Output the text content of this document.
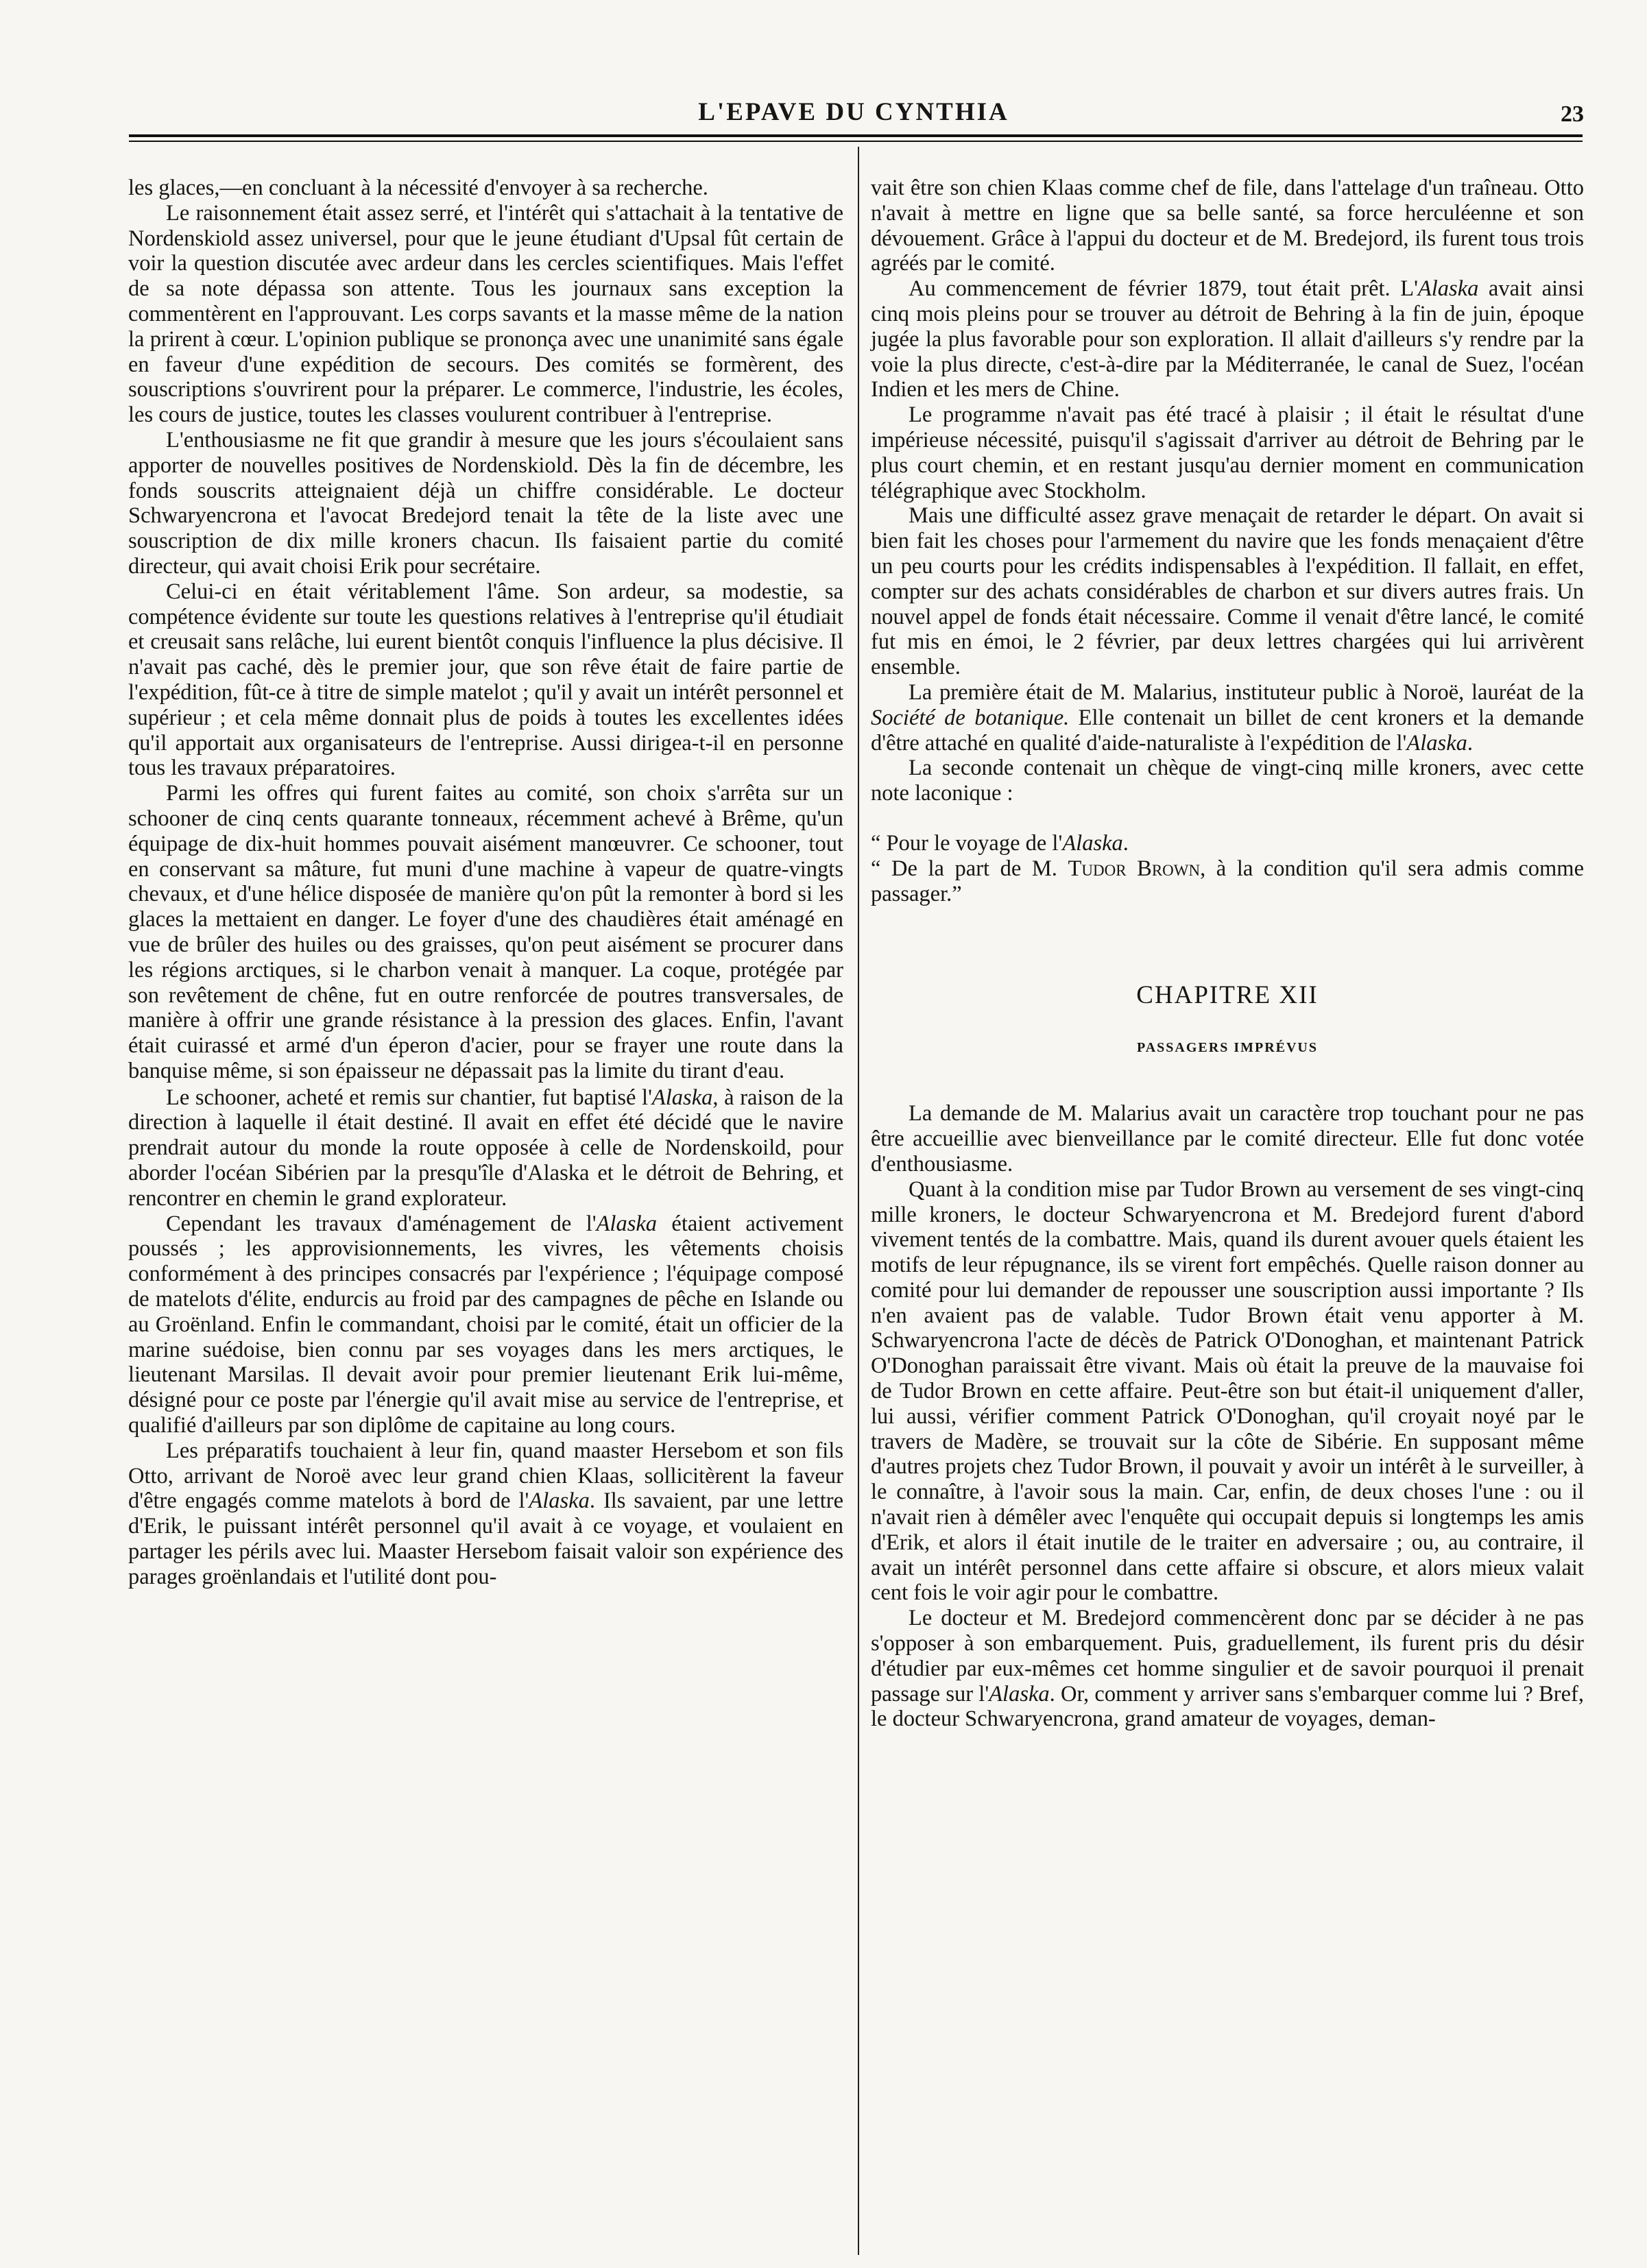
L'EPAVE DU CYNTHIA	23

les glaces,—en concluant à la nécessité d'envoyer à sa recherche.

Le raisonnement était assez serré, et l'intérêt qui s'attachait à la tentative de Nordenskiold assez universel, pour que le jeune étudiant d'Upsal fût certain de voir la question discutée avec ardeur dans les cercles scientifiques. Mais l'effet de sa note dépassa son attente. Tous les journaux sans exception la commentèrent en l'approuvant. Les corps savants et la masse même de la nation la prirent à cœur. L'opinion publique se prononça avec une unanimité sans égale en faveur d'une expédition de secours. Des comités se formèrent, des souscriptions s'ouvrirent pour la préparer. Le commerce, l'industrie, les écoles, les cours de justice, toutes les classes voulurent contribuer à l'entreprise.

L'enthousiasme ne fit que grandir à mesure que les jours s'écoulaient sans apporter de nouvelles positives de Nordenskiold. Dès la fin de décembre, les fonds souscrits atteignaient déjà un chiffre considérable. Le docteur Schwaryencrona et l'avocat Bredejord tenait la tête de la liste avec une souscription de dix mille kroners chacun. Ils faisaient partie du comité directeur, qui avait choisi Erik pour secrétaire.

Celui-ci en était véritablement l'âme. Son ardeur, sa modestie, sa compétence évidente sur toute les questions relatives à l'entreprise qu'il étudiait et creusait sans relâche, lui eurent bientôt conquis l'influence la plus décisive. Il n'avait pas caché, dès le premier jour, que son rêve était de faire partie de l'expédition, fût-ce à titre de simple matelot ; qu'il y avait un intérêt personnel et supérieur ; et cela même donnait plus de poids à toutes les excellentes idées qu'il apportait aux organisateurs de l'entreprise. Aussi dirigea-t-il en personne tous les travaux préparatoires.

Parmi les offres qui furent faites au comité, son choix s'arrêta sur un schooner de cinq cents quarante tonneaux, récemment achevé à Brême, qu'un équipage de dix-huit hommes pouvait aisément manœuvrer. Ce schooner, tout en conservant sa mâture, fut muni d'une machine à vapeur de quatre-vingts chevaux, et d'une hélice disposée de manière qu'on pût la remonter à bord si les glaces la mettaient en danger. Le foyer d'une des chaudières était aménagé en vue de brûler des huiles ou des graisses, qu'on peut aisément se procurer dans les régions arctiques, si le charbon venait à manquer. La coque, protégée par son revêtement de chêne, fut en outre renforcée de poutres transversales, de manière à offrir une grande résistance à la pression des glaces. Enfin, l'avant était cuirassé et armé d'un éperon d'acier, pour se frayer une route dans la banquise même, si son épaisseur ne dépassait pas la limite du tirant d'eau.

Le schooner, acheté et remis sur chantier, fut baptisé l'Alaska, à raison de la direction à laquelle il était destiné. Il avait en effet été décidé que le navire prendrait autour du monde la route opposée à celle de Nordenskoild, pour aborder l'océan Sibérien par la presqu'île d'Alaska et le détroit de Behring, et rencontrer en chemin le grand explorateur.

Cependant les travaux d'aménagement de l'Alaska étaient activement poussés ; les approvisionnements, les vivres, les vêtements choisis conformément à des principes consacrés par l'expérience ; l'équipage composé de matelots d'élite, endurcis au froid par des campagnes de pêche en Islande ou au Groënland. Enfin le commandant, choisi par le comité, était un officier de la marine suédoise, bien connu par ses voyages dans les mers arctiques, le lieutenant Marsilas. Il devait avoir pour premier lieutenant Erik lui-même, désigné pour ce poste par l'énergie qu'il avait mise au service de l'entreprise, et qualifié d'ailleurs par son diplôme de capitaine au long cours.

Les préparatifs touchaient à leur fin, quand maaster Hersebom et son fils Otto, arrivant de Noroë avec leur grand chien Klaas, sollicitèrent la faveur d'être engagés comme matelots à bord de l'Alaska. Ils savaient, par une lettre d'Erik, le puissant intérêt personnel qu'il avait à ce voyage, et voulaient en partager les périls avec lui. Maaster Hersebom faisait valoir son expérience des parages groënlandais et l'utilité dont pou-

vait être son chien Klaas comme chef de file, dans l'attelage d'un traîneau. Otto n'avait à mettre en ligne que sa belle santé, sa force herculéenne et son dévouement. Grâce à l'appui du docteur et de M. Bredejord, ils furent tous trois agréés par le comité.

Au commencement de février 1879, tout était prêt. L'Alaska avait ainsi cinq mois pleins pour se trouver au détroit de Behring à la fin de juin, époque jugée la plus favorable pour son exploration. Il allait d'ailleurs s'y rendre par la voie la plus directe, c'est-à-dire par la Méditerranée, le canal de Suez, l'océan Indien et les mers de Chine.

Le programme n'avait pas été tracé à plaisir ; il était le résultat d'une impérieuse nécessité, puisqu'il s'agissait d'arriver au détroit de Behring par le plus court chemin, et en restant jusqu'au dernier moment en communication télégraphique avec Stockholm.

Mais une difficulté assez grave menaçait de retarder le départ. On avait si bien fait les choses pour l'armement du navire que les fonds menaçaient d'être un peu courts pour les crédits indispensables à l'expédition. Il fallait, en effet, compter sur des achats considérables de charbon et sur divers autres frais. Un nouvel appel de fonds était nécessaire. Comme il venait d'être lancé, le comité fut mis en émoi, le 2 février, par deux lettres chargées qui lui arrivèrent ensemble.

La première était de M. Malarius, instituteur public à Noroë, lauréat de la Société de botanique. Elle contenait un billet de cent kroners et la demande d'être attaché en qualité d'aide-naturaliste à l'expédition de l'Alaska.

La seconde contenait un chèque de vingt-cinq mille kroners, avec cette note laconique :

“ Pour le voyage de l'Alaska.

“ De la part de M. Tudor Brown, à la condition qu'il sera admis comme passager.”

CHAPITRE XII
PASSAGERS IMPRÉVUS

La demande de M. Malarius avait un caractère trop touchant pour ne pas être accueillie avec bienveillance par le comité directeur. Elle fut donc votée d'enthousiasme.

Quant à la condition mise par Tudor Brown au versement de ses vingt-cinq mille kroners, le docteur Schwaryencrona et M. Bredejord furent d'abord vivement tentés de la combattre. Mais, quand ils durent avouer quels étaient les motifs de leur répugnance, ils se virent fort empêchés. Quelle raison donner au comité pour lui demander de repousser une souscription aussi importante ? Ils n'en avaient pas de valable. Tudor Brown était venu apporter à M. Schwaryencrona l'acte de décès de Patrick O'Donoghan, et maintenant Patrick O'Donoghan paraissait être vivant. Mais où était la preuve de la mauvaise foi de Tudor Brown en cette affaire. Peut-être son but était-il uniquement d'aller, lui aussi, vérifier comment Patrick O'Donoghan, qu'il croyait noyé par le travers de Madère, se trouvait sur la côte de Sibérie. En supposant même d'autres projets chez Tudor Brown, il pouvait y avoir un intérêt à le surveiller, à le connaître, à l'avoir sous la main. Car, enfin, de deux choses l'une : ou il n'avait rien à démêler avec l'enquête qui occupait depuis si longtemps les amis d'Erik, et alors il était inutile de le traiter en adversaire ; ou, au contraire, il avait un intérêt personnel dans cette affaire si obscure, et alors mieux valait cent fois le voir agir pour le combattre.

Le docteur et M. Bredejord commencèrent donc par se décider à ne pas s'opposer à son embarquement. Puis, graduellement, ils furent pris du désir d'étudier par eux-mêmes cet homme singulier et de savoir pourquoi il prenait passage sur l'Alaska. Or, comment y arriver sans s'embarquer comme lui ? Bref, le docteur Schwaryencrona, grand amateur de voyages, deman-
